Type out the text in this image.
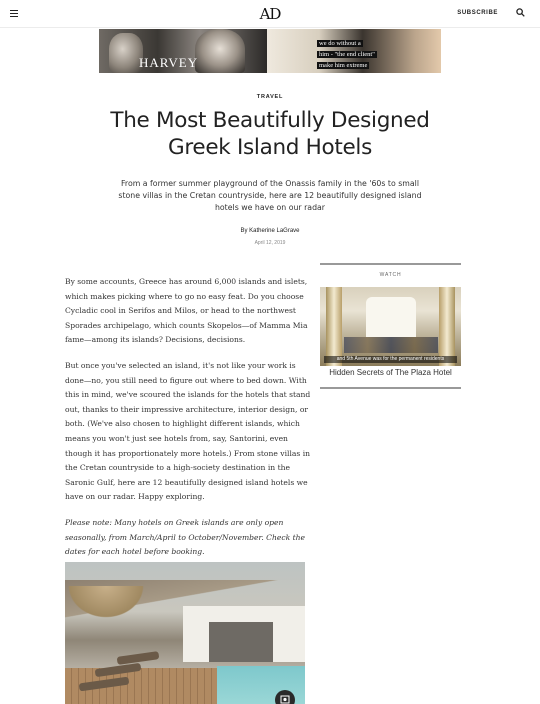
AD	SUBSCRIBE
HARVEY
we do without a
him - "the end client"
make him extreme
TRAVEL
The Most Beautifully Designed
Greek Island Hotels
From a former summer playground of the Onassis family in the '60s to small stone villas in the Cretan countryside, here are 12 beautifully designed island hotels we have on our radar
By Katherine LaGrave
April 12, 2019

By some accounts, Greece has around 6,000 islands and islets, which makes picking where to go no easy feat. Do you choose Cycladic cool in Serifos and Milos, or head to the northwest Sporades archipelago, which counts Skopelos—of Mamma Mia fame—among its islands? Decisions, decisions.

But once you've selected an island, it's not like your work is done—no, you still need to figure out where to bed down. With this in mind, we've scoured the islands for the hotels that stand out, thanks to their impressive architecture, interior design, or both. (We've also chosen to highlight different islands, which means you won't just see hotels from, say, Santorini, even though it has proportionately more hotels.) From stone villas in the Cretan countryside to a high-society destination in the Saronic Gulf, here are 12 beautifully designed island hotels we have on our radar. Happy exploring.

Please note: Many hotels on Greek islands are only open seasonally, from March/April to October/November. Check the dates for each hotel before booking.

WATCH
and 5th Avenue was for the permanent residents
Hidden Secrets of The Plaza Hotel
